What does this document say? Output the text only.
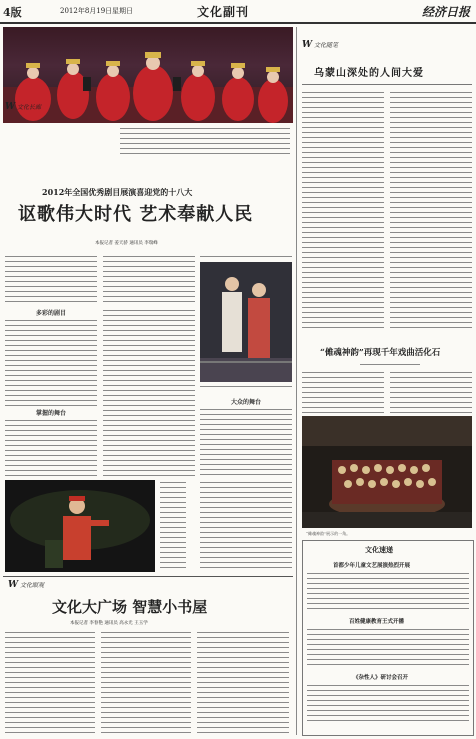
4版	2012年8月19日 星期日	文化副刊	经济日报
W 文化长廊
2012年全国优秀剧目展演喜迎党的十八大
讴歌伟大时代 艺术奉献人民
本报记者 姜天骄 通讯员 李瑞峰
多彩的剧目
掌握的舞台
大众的舞台
W 文化眼观
文化大广场 智慧小书屋
本报记者 李春艳 通讯员 高永光 王玉学
W 文化随笔
乌蒙山深处的人间大爱
“傩魂神韵”再现千年戏曲活化石
“傩魂神韵”展示的一角。
文化速递
首都少年儿童文艺展演热烈开展
百姓健康教育王式开播
《杂性人》研讨会召开
